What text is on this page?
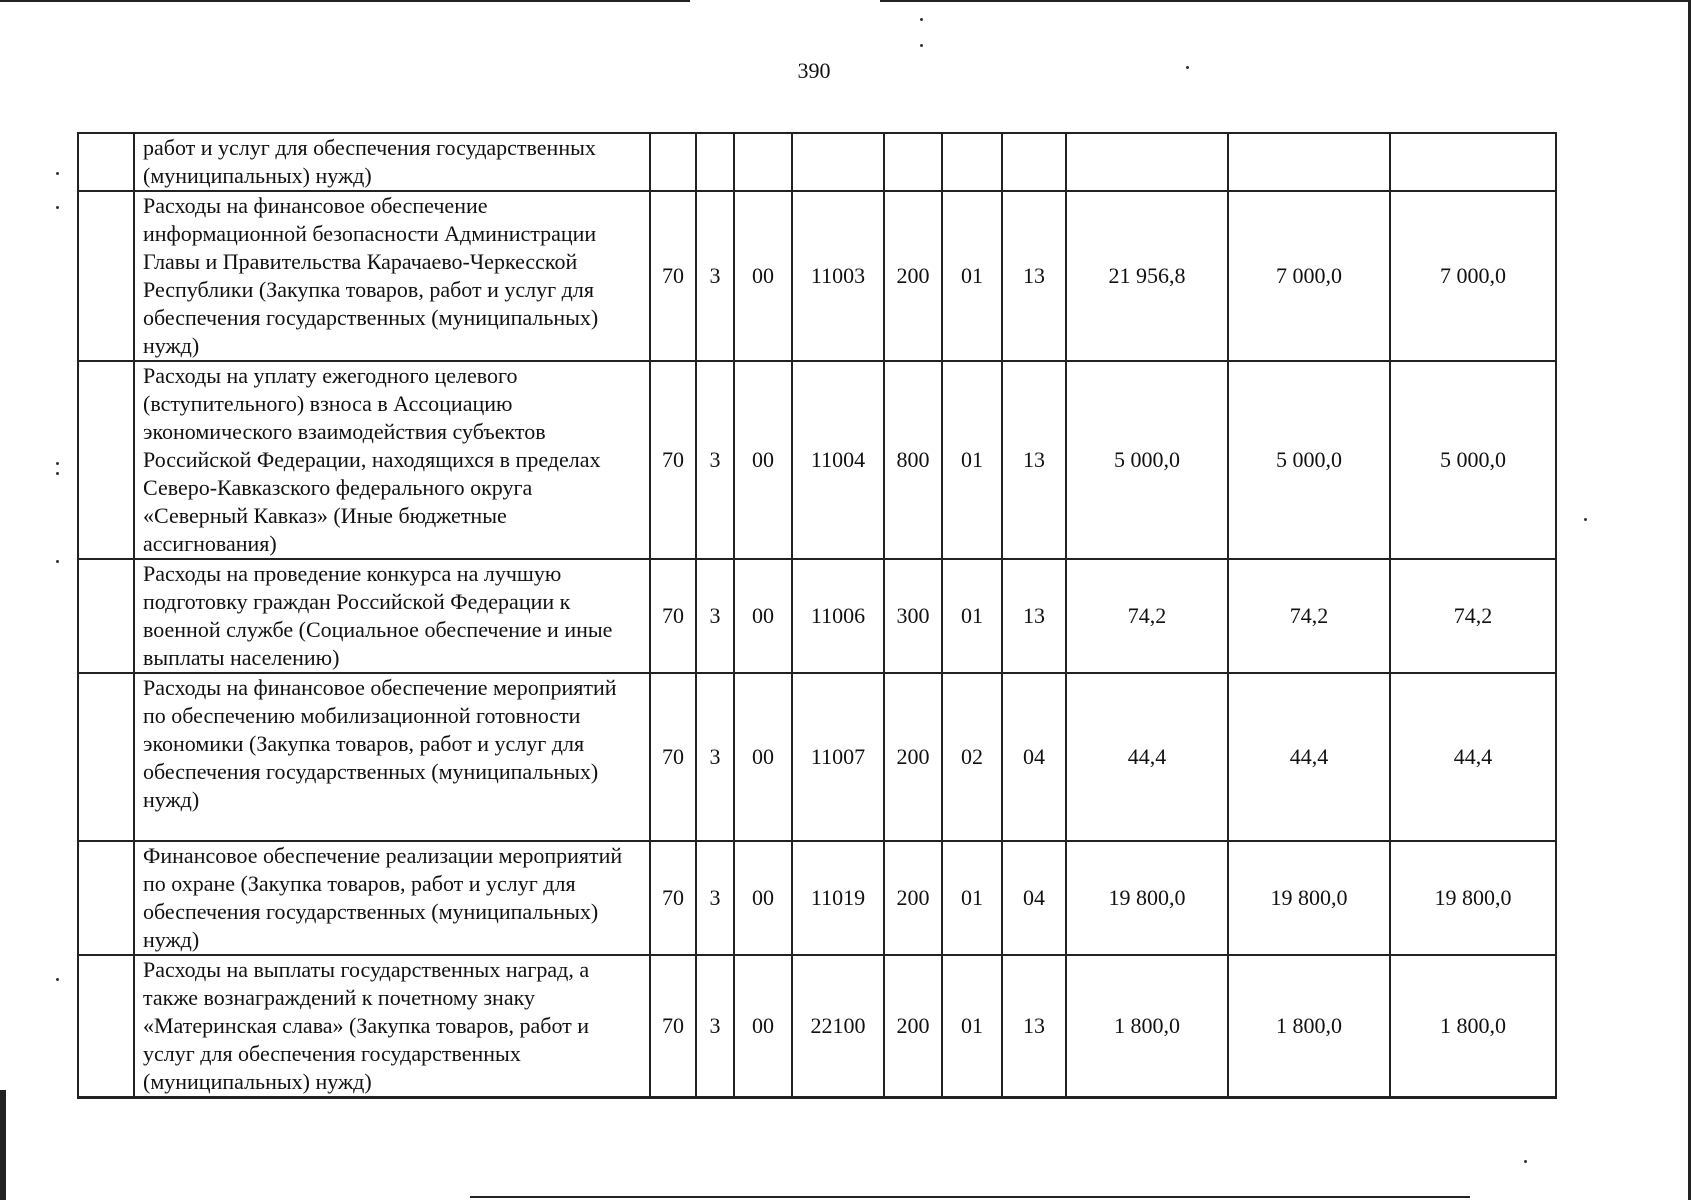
390
	работ и услуг для обеспечения государственных (муниципальных) нужд)										
	Расходы на финансовое обеспечение информационной безопасности Администрации Главы и Правительства Карачаево-Черкесской Республики (Закупка товаров, работ и услуг для обеспечения государственных (муниципальных) нужд)	70	3	00	11003	200	01	13	21 956,8	7 000,0	7 000,0
	Расходы на уплату ежегодного целевого (вступительного) взноса в Ассоциацию экономического взаимодействия субъектов Российской Федерации, находящихся в пределах Северо-Кавказского федерального округа «Северный Кавказ» (Иные бюджетные ассигнования)	70	3	00	11004	800	01	13	5 000,0	5 000,0	5 000,0
	Расходы на проведение конкурса на лучшую подготовку граждан Российской Федерации к военной службе (Социальное обеспечение и иные выплаты населению)	70	3	00	11006	300	01	13	74,2	74,2	74,2
	Расходы на финансовое обеспечение мероприятий по обеспечению мобилизационной готовности экономики (Закупка товаров, работ и услуг для обеспечения государственных (муниципальных) нужд)	70	3	00	11007	200	02	04	44,4	44,4	44,4
	Финансовое обеспечение реализации мероприятий по охране (Закупка товаров, работ и услуг для обеспечения государственных (муниципальных) нужд)	70	3	00	11019	200	01	04	19 800,0	19 800,0	19 800,0
	Расходы на выплаты государственных наград, а также вознаграждений к почетному знаку «Материнская слава» (Закупка товаров, работ и услуг для обеспечения государственных (муниципальных) нужд)	70	3	00	22100	200	01	13	1 800,0	1 800,0	1 800,0
